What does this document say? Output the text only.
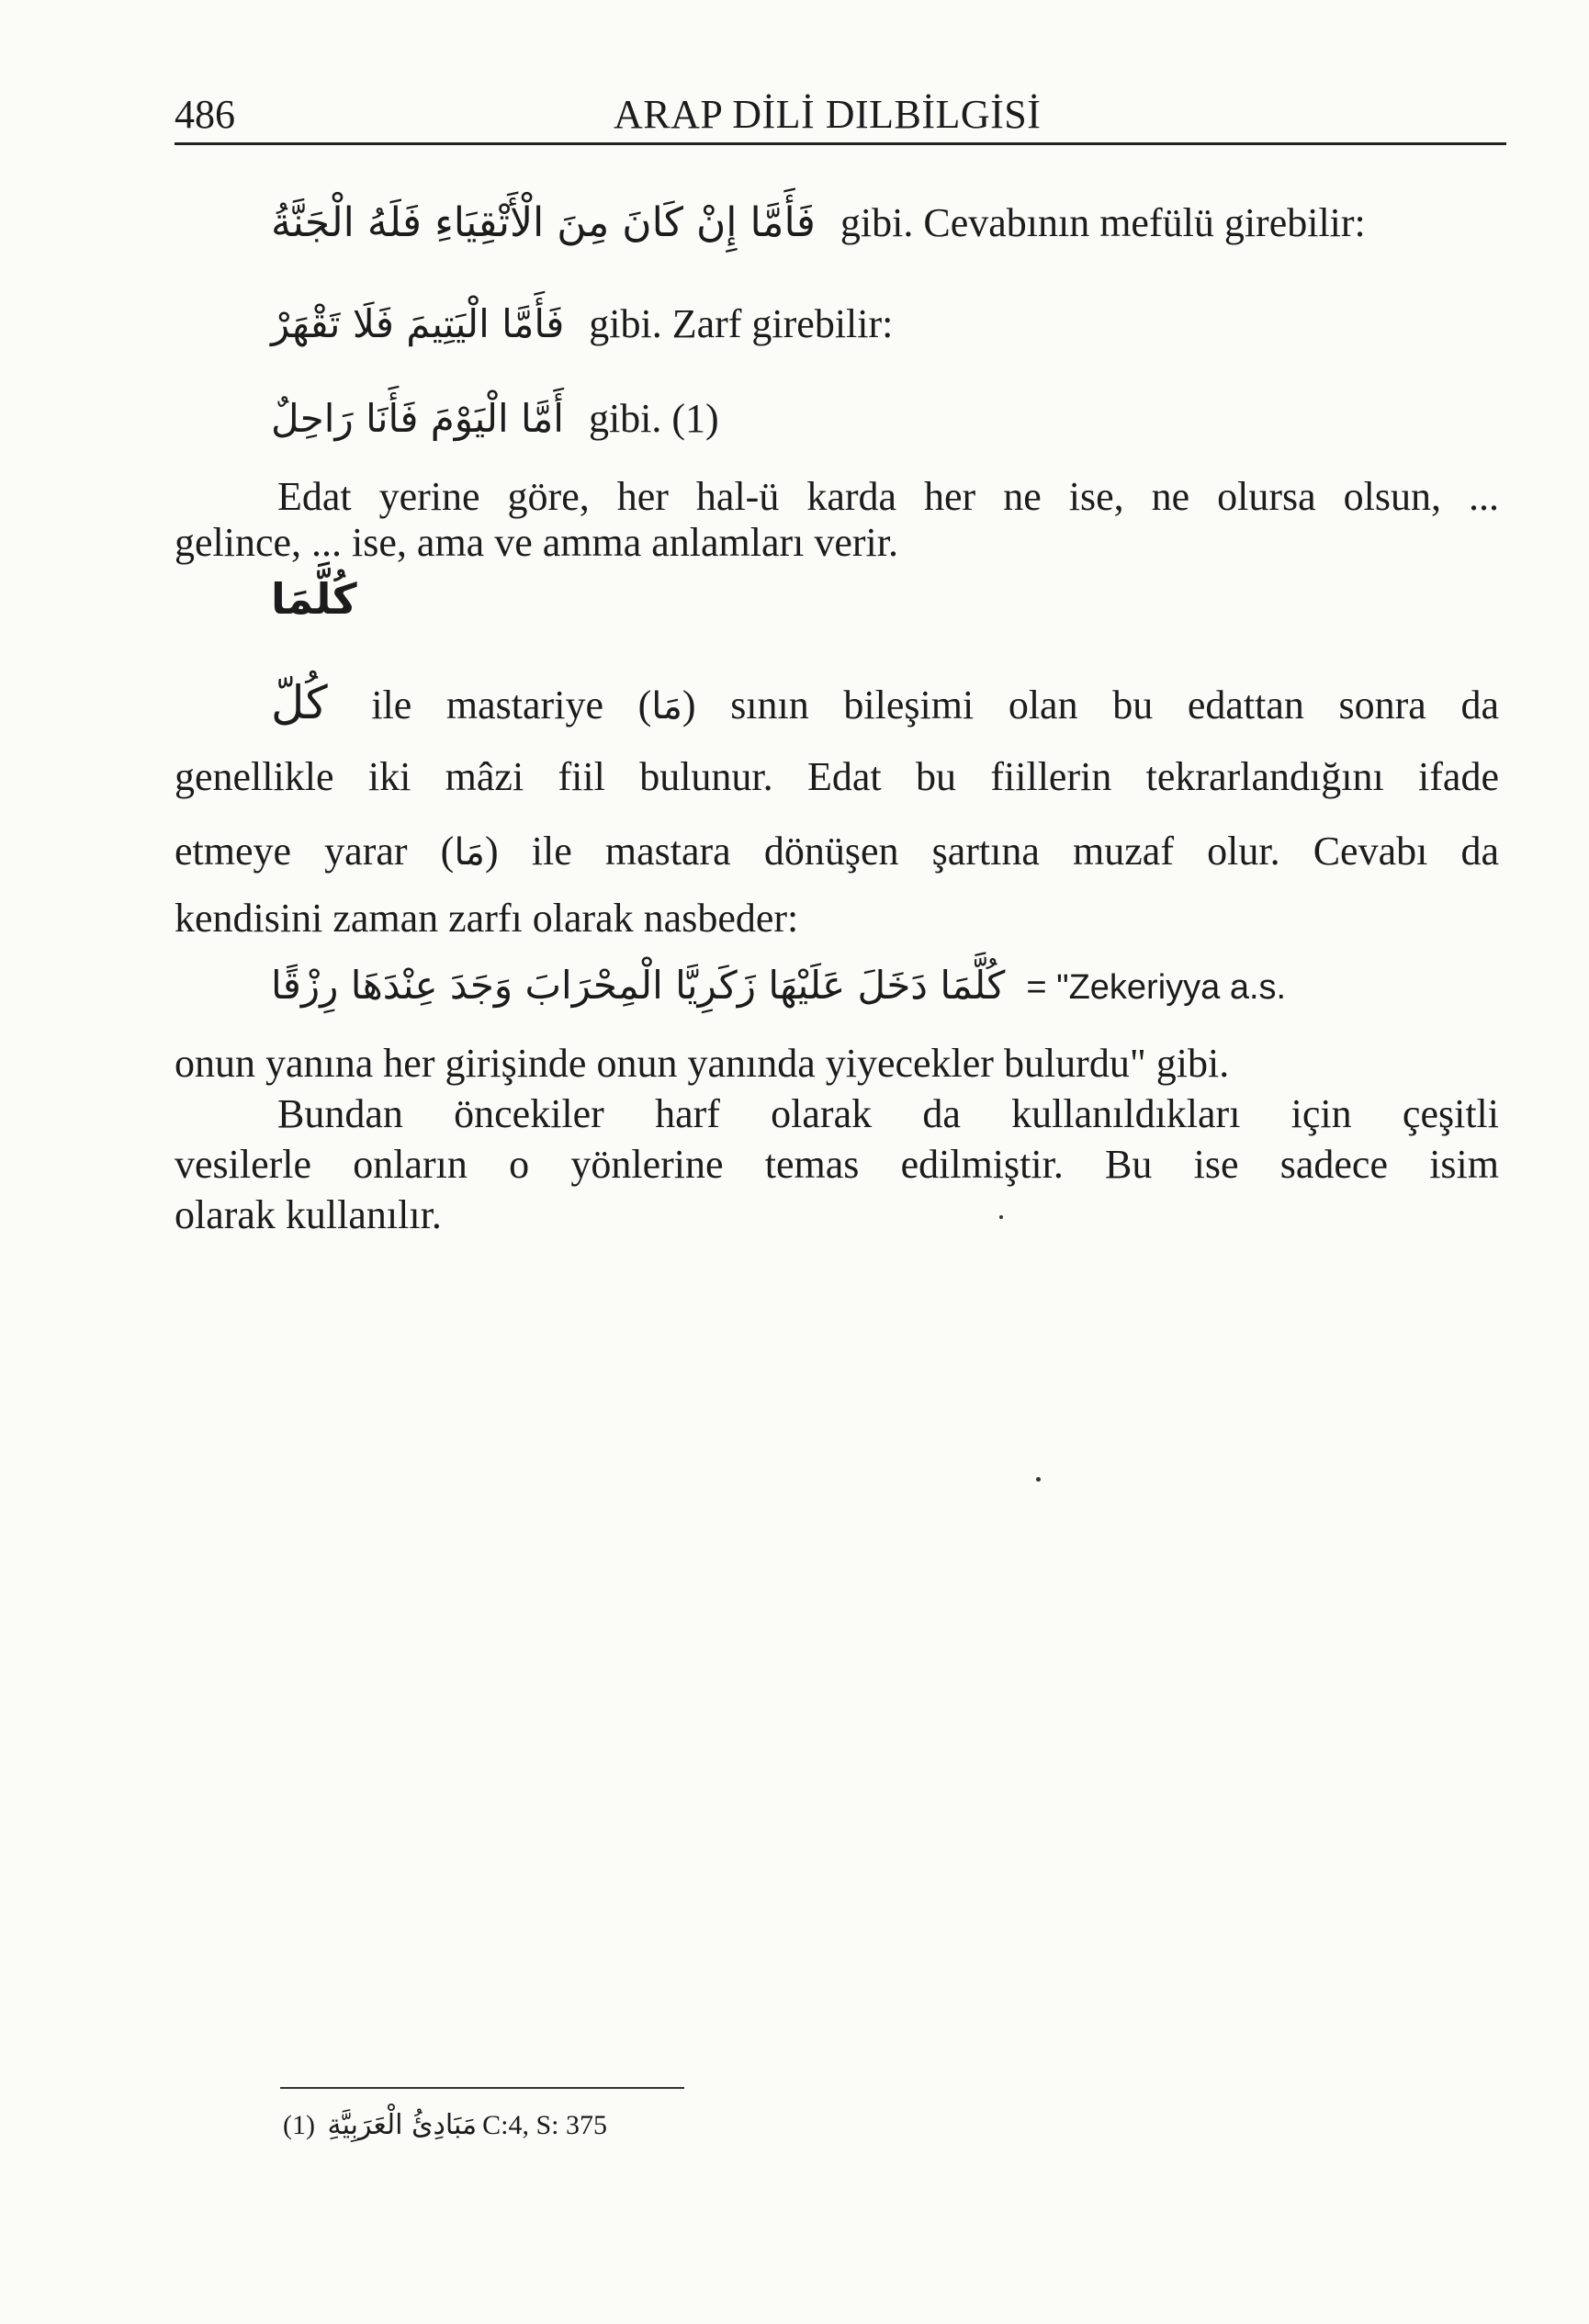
486	ARAP DİLİ DILBİLGİSİ
فَأَمَّا إِنْ كَانَ مِنَ الْأَتْقِيَاءِ فَلَهُ الْجَنَّةُ gibi. Cevabının mefülü girebilir:
فَأَمَّا الْيَتِيمَ فَلَا تَقْهَرْ gibi. Zarf girebilir:
أَمَّا الْيَوْمَ فَأَنَا رَاحِلٌ gibi. (1)
Edat yerine göre, her hal-ü karda her ne ise, ne olursa olsun, ...
gelince, ... ise, ama ve amma anlamları verir.
كُلَّمَا
كُلّ ile mastariye (مَا) sının bileşimi olan bu edattan sonra da
genellikle iki mâzi fiil bulunur. Edat bu fiillerin tekrarlandığını ifade
etmeye yarar (مَا) ile mastara dönüşen şartına muzaf olur. Cevabı da
kendisini zaman zarfı olarak nasbeder:
كُلَّمَا دَخَلَ عَلَيْهَا زَكَرِيَّا الْمِحْرَابَ وَجَدَ عِنْدَهَا رِزْقًا = "Zekeriyya a.s.
onun yanına her girişinde onun yanında yiyecekler bulurdu" gibi.
Bundan öncekiler harf olarak da kullanıldıkları için çeşitli
vesilerle onların o yönlerine temas edilmiştir. Bu ise sadece isim
olarak kullanılır.
(1) مَبَادِئُ الْعَرَبِيَّةِ C:4, S: 375
